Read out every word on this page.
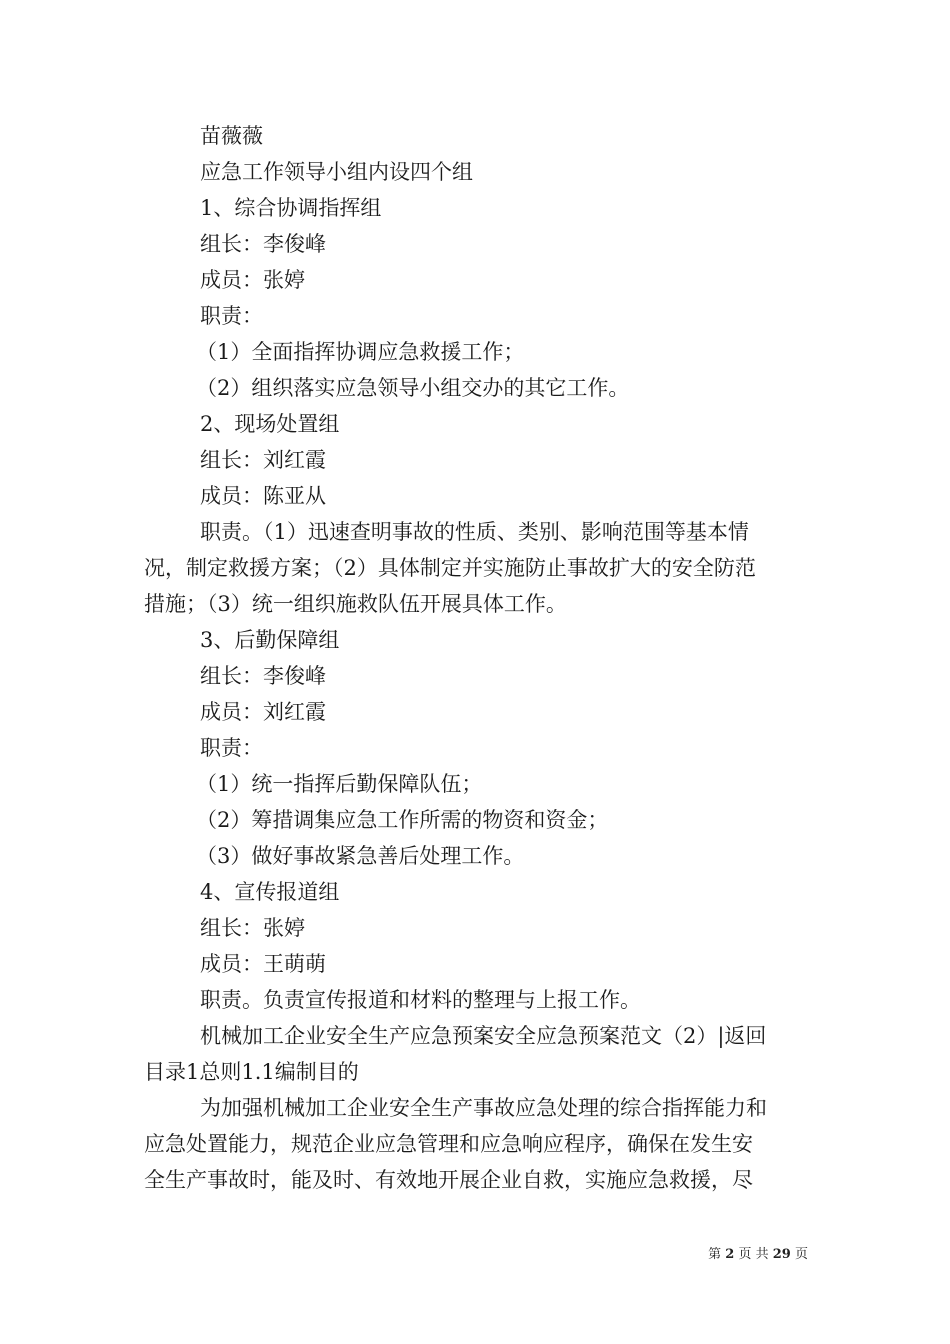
苗薇薇
应急工作领导小组内设四个组
1、综合协调指挥组
组长：李俊峰
成员：张婷
职责：
（1）全面指挥协调应急救援工作；
（2）组织落实应急领导小组交办的其它工作。
2、现场处置组
组长：刘红霞
成员：陈亚从
职责。（1）迅速查明事故的性质、类别、影响范围等基本情
况，制定救援方案；（2）具体制定并实施防止事故扩大的安全防范
措施；（3）统一组织施救队伍开展具体工作。
3、后勤保障组
组长：李俊峰
成员：刘红霞
职责：
（1）统一指挥后勤保障队伍；
（2）筹措调集应急工作所需的物资和资金；
（3）做好事故紧急善后处理工作。
4、宣传报道组
组长：张婷
成员：王萌萌
职责。负责宣传报道和材料的整理与上报工作。
机械加工企业安全生产应急预案安全应急预案范文（2）|返回
目录1总则1.1编制目的
为加强机械加工企业安全生产事故应急处理的综合指挥能力和
应急处置能力，规范企业应急管理和应急响应程序，确保在发生安
全生产事故时，能及时、有效地开展企业自救，实施应急救援，尽
第 2 页 共 29 页
